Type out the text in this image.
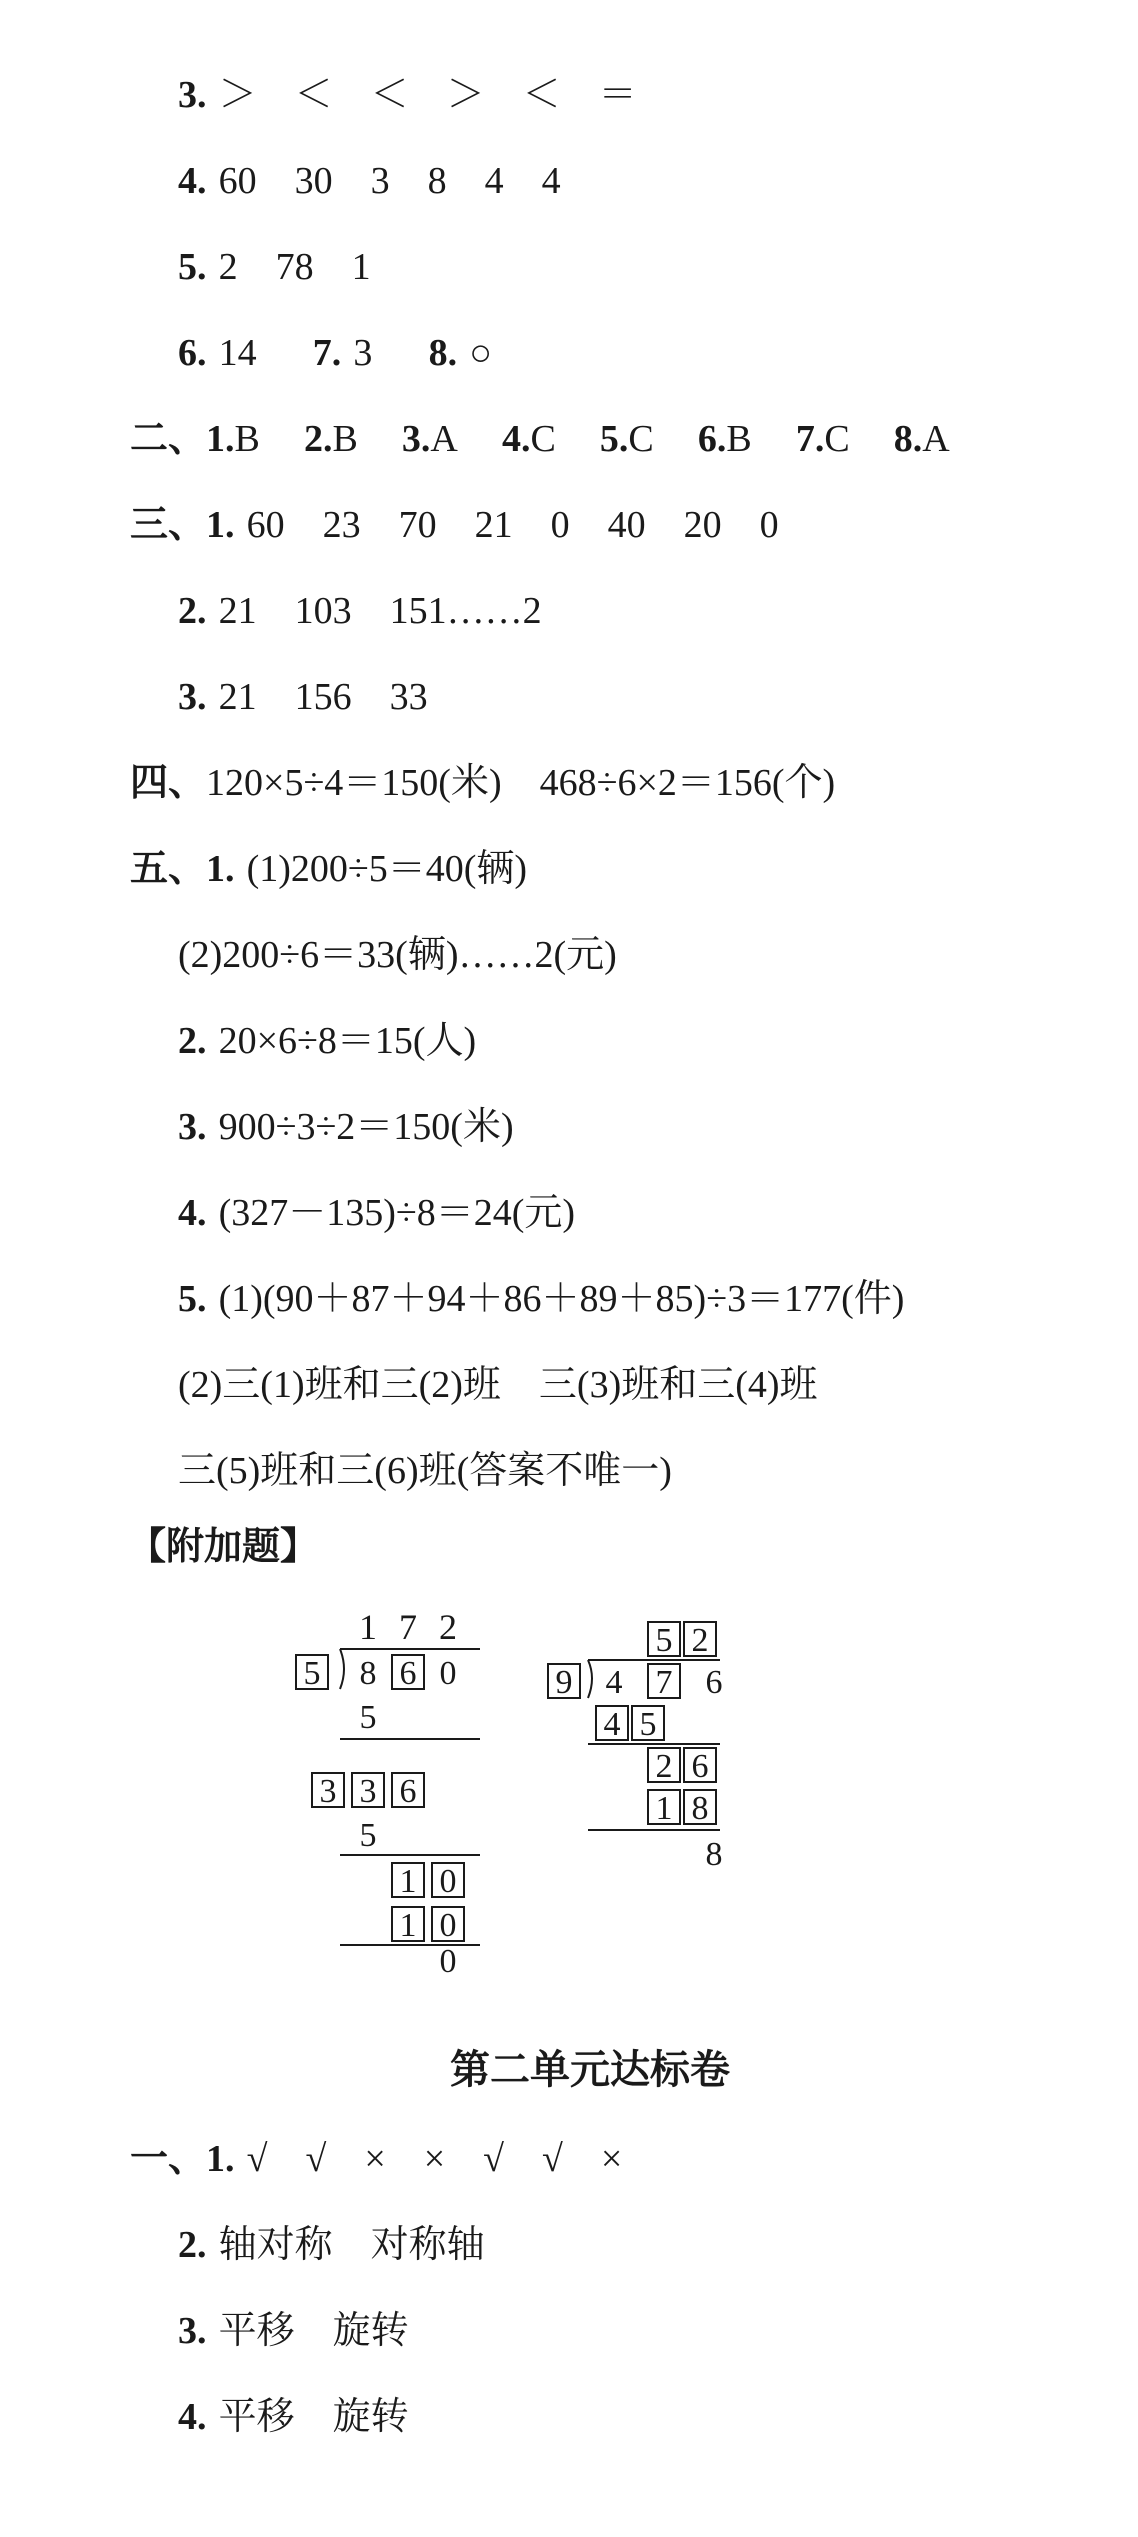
3. ＞　＜　＜　＞　＜　＝
4. 60　30　3　8　4　4
5. 2　78　1
6. 14 7. 3 8. ○
二、1.B 2.B 3.A 4.C 5.C 6.B 7.C 8.A
三、1. 60　23　70　21　0　40　20　0
2. 21　103　151……2
3. 21　156　33
四、120×5÷4＝150(米)　468÷6×2＝156(个)
五、1. (1)200÷5＝40(辆)
(2)200÷6＝33(辆)……2(元)
2. 20×6÷8＝15(人)
3. 900÷3÷2＝150(米)
4. (327－135)÷8＝24(元)
5. (1)(90＋87＋94＋86＋89＋85)÷3＝177(件)
(2)三(1)班和三(2)班　三(3)班和三(4)班
三(5)班和三(6)班(答案不唯一)
【附加题】
1 7 2
5 8 6 0
5
3 6
3
5
1 0
1 0
0
5 2
9 4 7 6
4 5
2 6
1 8
8
第二单元达标卷
一、1. √　√　×　×　√　√　×
2. 轴对称　对称轴
3. 平移　旋转
4. 平移　旋转
